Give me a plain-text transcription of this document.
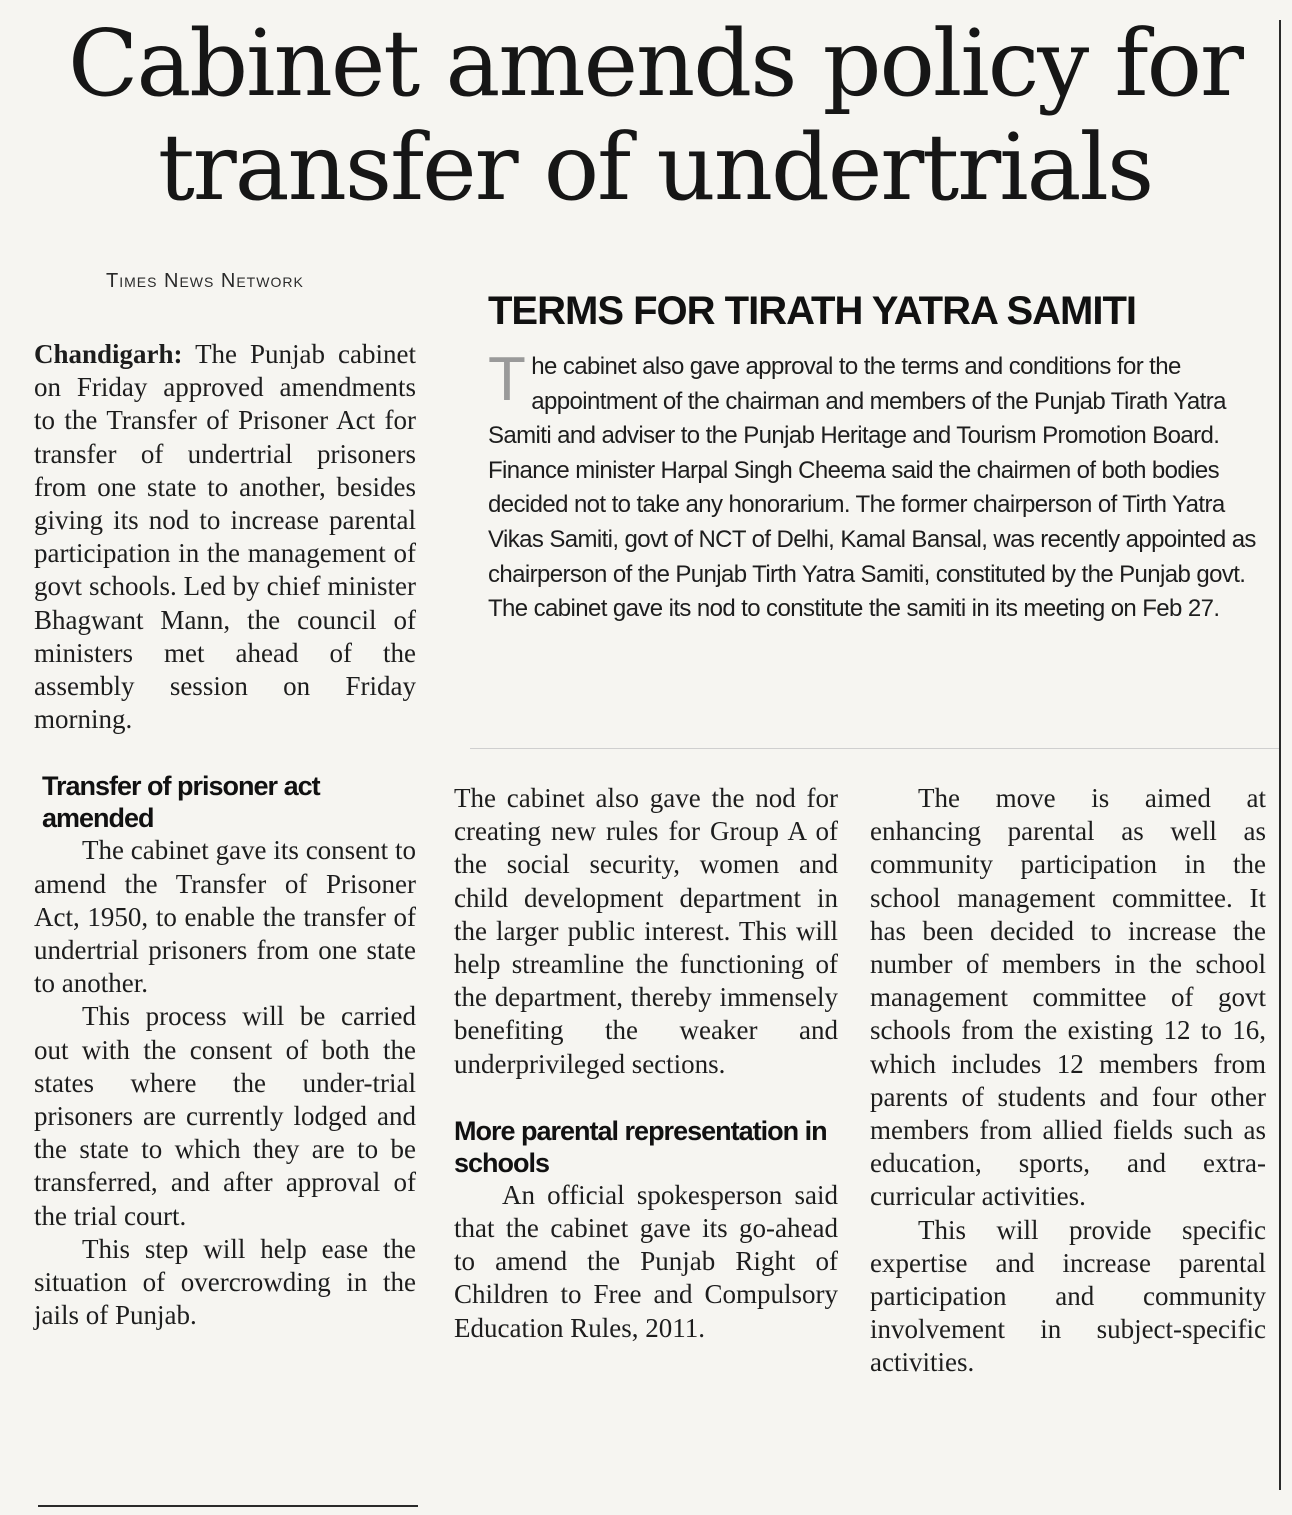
Cabinet amends policy for transfer of undertrials
Times News Network

Chandigarh: The Punjab cabinet on Friday approved amendments to the Transfer of Prisoner Act for transfer of undertrial prisoners from one state to another, besides giving its nod to increase parental participation in the management of govt schools. Led by chief minister Bhagwant Mann, the council of ministers met ahead of the assembly session on Friday morning.

Transfer of prisoner act amended

The cabinet gave its consent to amend the Transfer of Prisoner Act, 1950, to enable the transfer of undertrial prisoners from one state to another.

This process will be carried out with the consent of both the states where the under-trial prisoners are currently lodged and the state to which they are to be transferred, and after approval of the trial court.

This step will help ease the situation of overcrowding in the jails of Punjab.

TERMS FOR TIRATH YATRA SAMITI

The cabinet also gave approval to the terms and conditions for the appointment of the chairman and members of the Punjab Tirath Yatra Samiti and adviser to the Punjab Heritage and Tourism Promotion Board. Finance minister Harpal Singh Cheema said the chairmen of both bodies decided not to take any honorarium. The former chairperson of Tirth Yatra Vikas Samiti, govt of NCT of Delhi, Kamal Bansal, was recently appointed as chairperson of the Punjab Tirth Yatra Samiti, constituted by the Punjab govt. The cabinet gave its nod to constitute the samiti in its meeting on Feb 27.

The cabinet also gave the nod for creating new rules for Group A of the social security, women and child development department in the larger public interest. This will help streamline the functioning of the department, thereby immensely benefiting the weaker and underprivileged sections.

More parental representation in schools

An official spokesperson said that the cabinet gave its go-ahead to amend the Punjab Right of Children to Free and Compulsory Education Rules, 2011.

The move is aimed at enhancing parental as well as community participation in the school management committee. It has been decided to increase the number of members in the school management committee of govt schools from the existing 12 to 16, which includes 12 members from parents of students and four other members from allied fields such as education, sports, and extra-curricular activities.

This will provide specific expertise and increase parental participation and community involvement in subject-specific activities.
